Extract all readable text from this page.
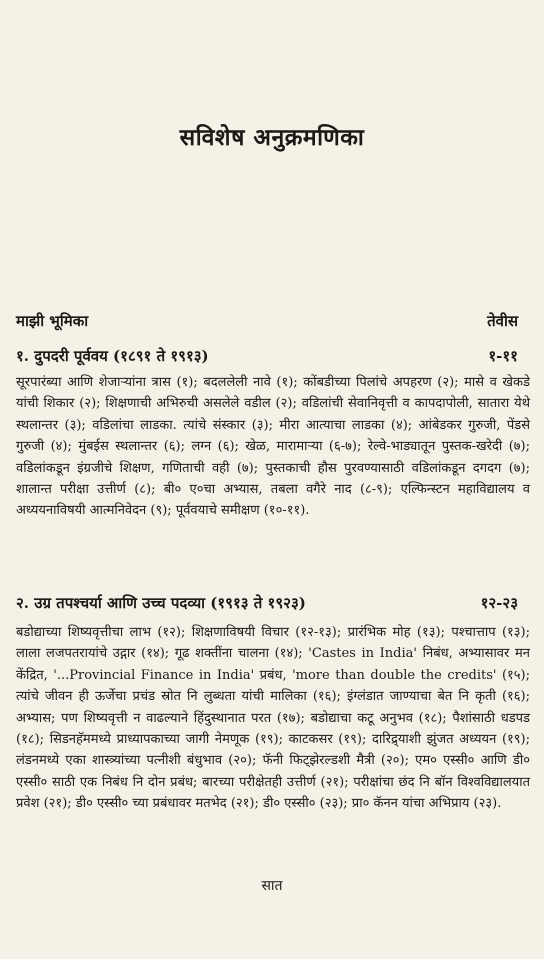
सविशेष अनुक्रमणिका
माझी भूमिका	तेवीस
१. दुपदरी पूर्ववय (१८९१ ते १९१३)	१-११
सूरपारंब्या आणि शेजाऱ्यांना त्रास (१); बदललेली नावे (१); कोंबडीच्या पिलांचे अपहरण (२); मासे व खेकडे यांची शिकार (२); शिक्षणाची अभिरुची असलेले वडील (२); वडिलांची सेवानिवृत्ती व कापदापोली, सातारा येथे स्थलान्तर (३); वडिलांचा लाडका. त्यांचे संस्कार (३); मीरा आत्याचा लाडका (४); आंबेडकर गुरुजी, पेंडसे गुरुजी (४); मुंबईस स्थलान्तर (६); लग्न (६); खेळ, मारामाऱ्या (६-७); रेल्वे-भाड्यातून पुस्तक-खरेदी (७); वडिलांकडून इंग्रजीचे शिक्षण, गणिताची वही (७); पुस्तकाची हौस पुरवण्यासाठी वडिलांकडून दगदग (७); शालान्त परीक्षा उत्तीर्ण (८); बी० ए०चा अभ्यास, तबला वगैरे नाद (८-९); एल्फिन्स्टन महाविद्यालय व अध्ययनाविषयी आत्मनिवेदन (९); पूर्ववयाचे समीक्षण (१०-११).
२. उग्र तपश्चर्या आणि उच्च पदव्या (१९१३ ते १९२३)	१२-२३
बडोद्याच्या शिष्यवृत्तीचा लाभ (१२); शिक्षणाविषयी विचार (१२-१३); प्रारंभिक मोह (१३); पश्चात्ताप (१३); लाला लजपतरायांचे उद्गार (१४); गूढ शक्तींना चालना (१४); 'Castes in India' निबंध, अभ्यासावर मन केंद्रित, '...Provincial Finance in India' प्रबंध, 'more than double the credits' (१५); त्यांचे जीवन ही ऊर्जेचा प्रचंड स्रोत नि लुब्धता यांची मालिका (१६); इंग्लंडात जाण्याचा बेत नि कृती (१६); अभ्यास; पण शिष्यवृत्ती न वाढल्याने हिंदुस्थानात परत (१७); बडोद्याचा कटू अनुभव (१८); पैशांसाठी धडपड (१८); सिडनहॅममध्ये प्राध्यापकाच्या जागी नेमणूक (१९); काटकसर (१९); दारिद्र्याशी झुंजत अध्ययन (१९); लंडनमध्ये एका शास्त्र्यांच्या पत्नीशी बंधुभाव (२०); फॅनी फिट्झेरल्डशी मैत्री (२०); एम० एस्सी० आणि डी० एस्सी० साठी एक निबंध नि दोन प्रबंध; बारच्या परीक्षेतही उत्तीर्ण (२१); परीक्षांचा छंद नि बॉन विश्वविद्यालयात प्रवेश (२१); डी० एस्सी० च्या प्रबंधावर मतभेद (२१); डी० एस्सी० (२३); प्रा० कॅनन यांचा अभिप्राय (२३).
सात
